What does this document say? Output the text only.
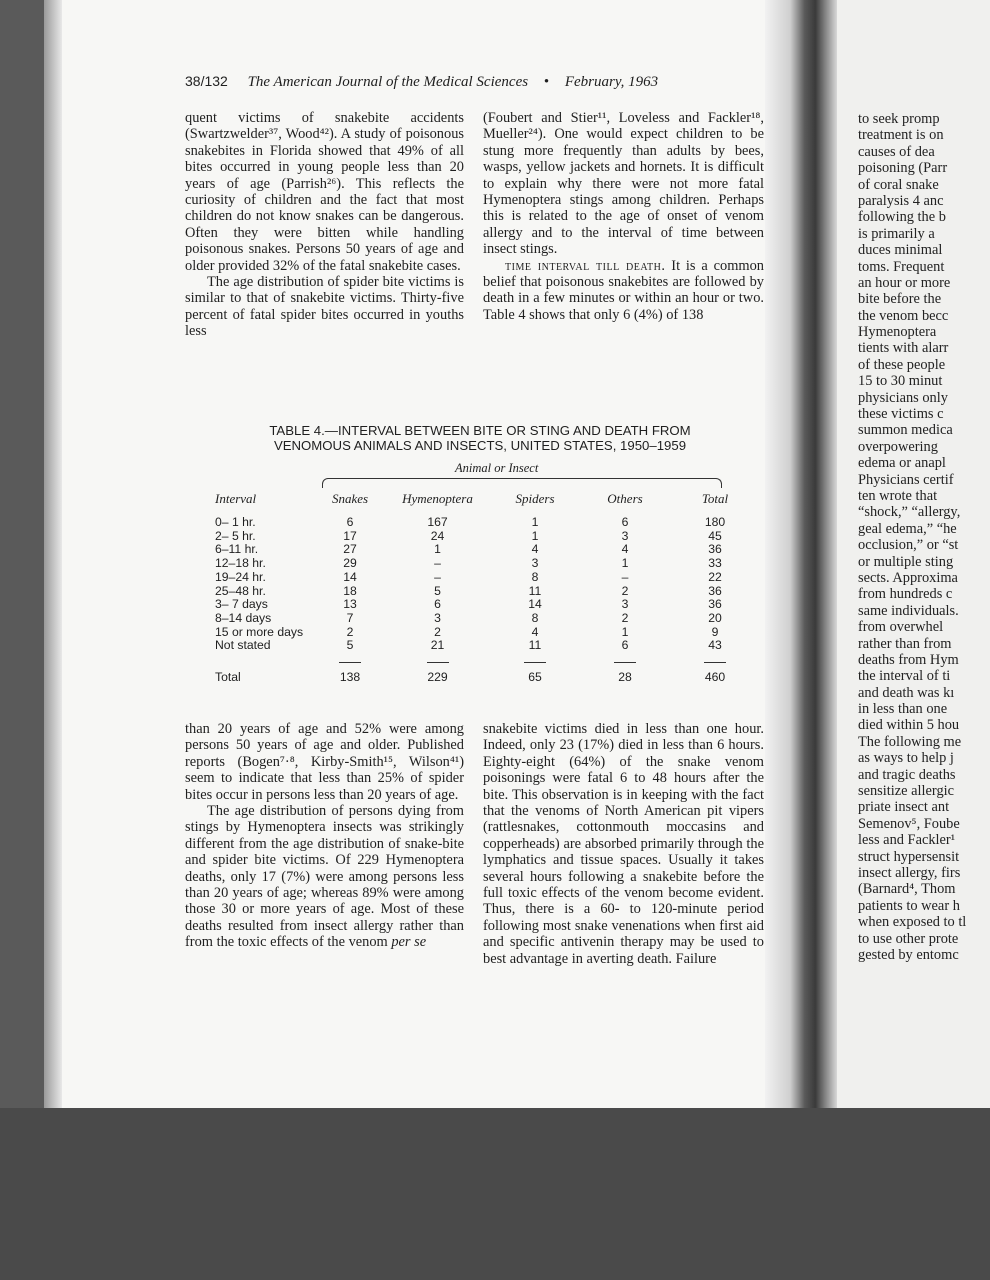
38/132 The American Journal of the Medical Sciences • February, 1963

quent victims of snakebite accidents (Swartzwelder³⁷, Wood⁴²). A study of poisonous snakebites in Florida showed that 49% of all bites occurred in young people less than 20 years of age (Parrish²⁶). This reflects the curiosity of children and the fact that most children do not know snakes can be dangerous. Often they were bitten while handling poisonous snakes. Persons 50 years of age and older provided 32% of the fatal snakebite cases.

The age distribution of spider bite victims is similar to that of snakebite victims. Thirty-five percent of fatal spider bites occurred in youths less

(Foubert and Stier¹¹, Loveless and Fackler¹⁸, Mueller²⁴). One would expect children to be stung more frequently than adults by bees, wasps, yellow jackets and hornets. It is difficult to explain why there were not more fatal Hymenoptera stings among children. Perhaps this is related to the age of onset of venom allergy and to the interval of time between insect stings.

time interval till death. It is a common belief that poisonous snakebites are followed by death in a few minutes or within an hour or two. Table 4 shows that only 6 (4%) of 138

TABLE 4.—INTERVAL BETWEEN BITE OR STING AND DEATH FROM
VENOMOUS ANIMALS AND INSECTS, UNITED STATES, 1950–1959
Animal or Insect
Interval	Snakes	Hymenoptera	Spiders	Others	Total
0– 1 hr.	6	167	1	6	180
2– 5 hr.	17	24	1	3	45
6–11 hr.	27	1	4	4	36
12–18 hr.	29	–	3	1	33
19–24 hr.	14	–	8	–	22
25–48 hr.	18	5	11	2	36
3– 7 days	13	6	14	3	36
8–14 days	7	3	8	2	20
15 or more days	2	2	4	1	9
Not stated	5	21	11	6	43

Total	138	229	65	28	460

than 20 years of age and 52% were among persons 50 years of age and older. Published reports (Bogen⁷·⁸, Kirby-Smith¹⁵, Wilson⁴¹) seem to indicate that less than 25% of spider bites occur in persons less than 20 years of age.

The age distribution of persons dying from stings by Hymenoptera insects was strikingly different from the age distribution of snake-bite and spider bite victims. Of 229 Hymenoptera deaths, only 17 (7%) were among persons less than 20 years of age; whereas 89% were among those 30 or more years of age. Most of these deaths resulted from insect allergy rather than from the toxic effects of the venom per se

snakebite victims died in less than one hour. Indeed, only 23 (17%) died in less than 6 hours. Eighty-eight (64%) of the snake venom poisonings were fatal 6 to 48 hours after the bite. This observation is in keeping with the fact that the venoms of North American pit vipers (rattlesnakes, cottonmouth moccasins and copperheads) are absorbed primarily through the lymphatics and tissue spaces. Usually it takes several hours following a snakebite before the full toxic effects of the venom become evident. Thus, there is a 60- to 120-minute period following most snake venenations when first aid and specific antivenin therapy may be used to best advantage in averting death. Failure

to seek promp
treatment is on
causes of dea
poisoning (Parr
of coral snake
paralysis 4 anc
following the b
is primarily a
duces minimal
toms. Frequent
an hour or more
bite before the
the venom becc
Hymenoptera
tients with alarr
of these people
15 to 30 minut
physicians only
these victims c
summon medica
overpowering
edema or anapl
Physicians certif
ten wrote that
“shock,” “allergy,
geal edema,” “he
occlusion,” or “st
or multiple sting
sects. Approxima
from hundreds c
same individuals.
from overwhel
rather than from
deaths from Hym
the interval of ti
and death was kı
in less than one
died within 5 hou
The following me
as ways to help j
and tragic deaths
sensitize allergic
priate insect ant
Semenov⁵, Foube
less and Fackler¹
struct hypersensit
insect allergy, firs
(Barnard⁴, Thom
patients to wear h
when exposed to tl
to use other prote
gested by entomc
